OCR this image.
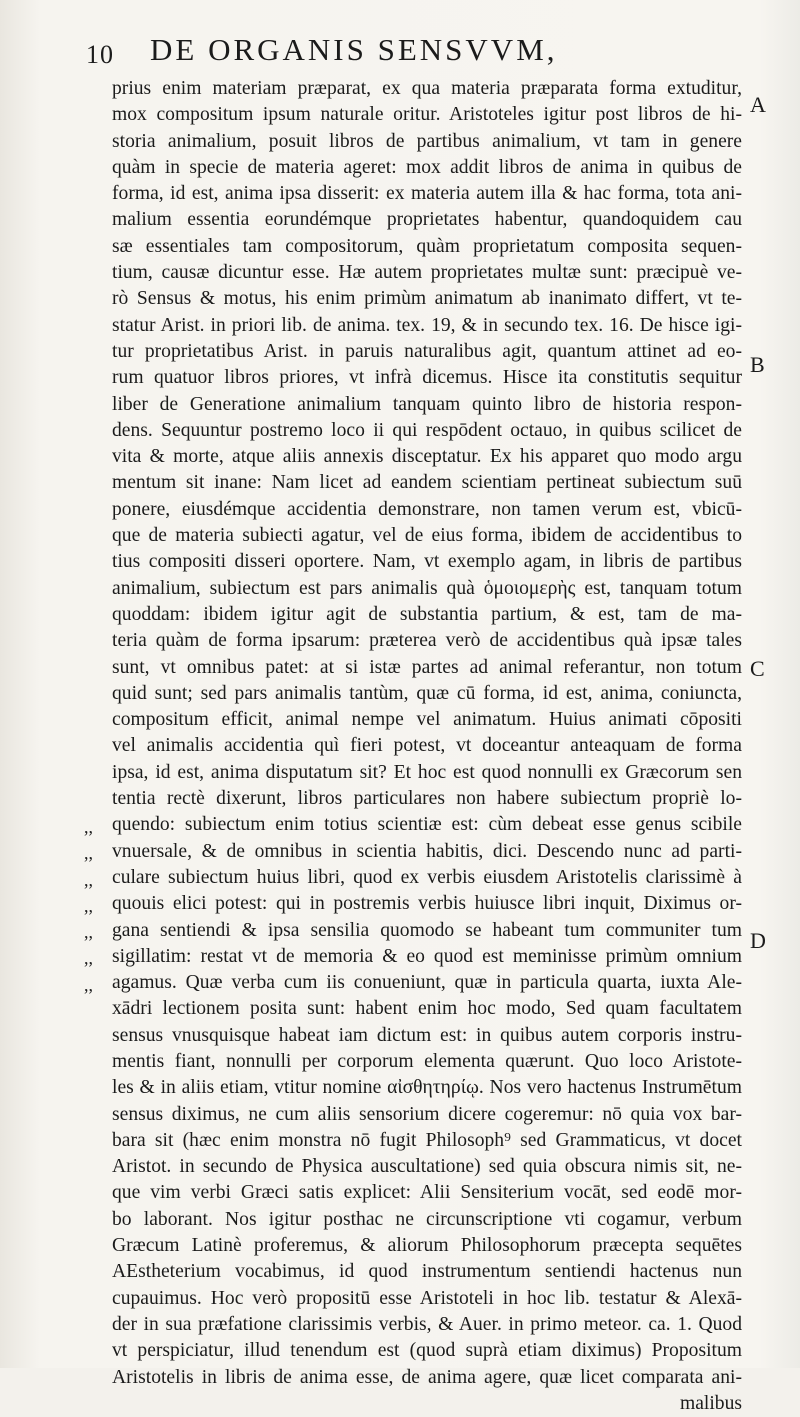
10 DE ORGANIS SENSVVM,
prius enim materiam præparat, ex qua materia præparata forma extuditur,
mox compositum ipsum naturale oritur. Aristoteles igitur post libros de hi-
storia animalium, posuit libros de partibus animalium, vt tam in genere
quàm in specie de materia ageret: mox addit libros de anima in quibus de
forma, id est, anima ipsa disserit: ex materia autem illa & hac forma, tota ani-
malium essentia eorundémque proprietates habentur, quandoquidem cau
sæ essentiales tam compositorum, quàm proprietatum composita sequen-
tium, causæ dicuntur esse. Hæ autem proprietates multæ sunt: præcipuè ve-
rò Sensus & motus, his enim primùm animatum ab inanimato differt, vt te-
statur Arist. in priori lib. de anima. tex. 19, & in secundo tex. 16. De hisce igi-
tur proprietatibus Arist. in paruis naturalibus agit, quantum attinet ad eo-
rum quatuor libros priores, vt infrà dicemus. Hisce ita constitutis sequitur
liber de Generatione animalium tanquam quinto libro de historia respon-
dens. Sequuntur postremo loco ii qui respōdent octauo, in quibus scilicet de
vita & morte, atque aliis annexis disceptatur. Ex his apparet quo modo argu
mentum sit inane: Nam licet ad eandem scientiam pertineat subiectum suū
ponere, eiusdémque accidentia demonstrare, non tamen verum est, vbicū-
que de materia subiecti agatur, vel de eius forma, ibidem de accidentibus to
tius compositi disseri oportere. Nam, vt exemplo agam, in libris de partibus
animalium, subiectum est pars animalis quà ὁμοιομερὴς est, tanquam totum
quoddam: ibidem igitur agit de substantia partium, & est, tam de ma-
teria quàm de forma ipsarum: præterea verò de accidentibus quà ipsæ tales
sunt, vt omnibus patet: at si istæ partes ad animal referantur, non totum
quid sunt; sed pars animalis tantùm, quæ cū forma, id est, anima, coniuncta,
compositum efficit, animal nempe vel animatum. Huius animati cōpositi
vel animalis accidentia quì fieri potest, vt doceantur anteaquam de forma
ipsa, id est, anima disputatum sit? Et hoc est quod nonnulli ex Græcorum sen
tentia rectè dixerunt, libros particulares non habere subiectum propriè lo-
quendo: subiectum enim totius scientiæ est: cùm debeat esse genus scibile
vnuersale, & de omnibus in scientia habitis, dici. Descendo nunc ad parti-
culare subiectum huius libri, quod ex verbis eiusdem Aristotelis clarissimè à
quouis elici potest: qui in postremis verbis huiusce libri inquit, Diximus or-
gana sentiendi & ipsa sensilia quomodo se habeant tum communiter tum
sigillatim: restat vt de memoria & eo quod est meminisse primùm omnium
agamus. Quæ verba cum iis conueniunt, quæ in particula quarta, iuxta Ale-
xādri lectionem posita sunt: habent enim hoc modo, Sed quam facultatem
sensus vnusquisque habeat iam dictum est: in quibus autem corporis instru-
mentis fiant, nonnulli per corporum elementa quærunt. Quo loco Aristote-
les & in aliis etiam, vtitur nomine αἰσθητηρίῳ. Nos vero hactenus Instrumētum
sensus diximus, ne cum aliis sensorium dicere cogeremur: nō quia vox bar-
bara sit (hæc enim monstra nō fugit Philosoph⁹ sed Grammaticus, vt docet
Aristot. in secundo de Physica auscultatione) sed quia obscura nimis sit, ne-
que vim verbi Græci satis explicet: Alii Sensiterium vocāt, sed eodē mor-
bo laborant. Nos igitur posthac ne circunscriptione vti cogamur, verbum
Græcum Latinè proferemus, & aliorum Philosophorum præcepta sequētes
AEstheterium vocabimus, id quod instrumentum sentiendi hactenus nun
cupauimus. Hoc verò propositū esse Aristoteli in hoc lib. testatur & Alexā-
der in sua præfatione clarissimis verbis, & Auer. in primo meteor. ca. 1. Quod
vt perspiciatur, illud tenendum est (quod suprà etiam diximus) Propositum
Aristotelis in libris de anima esse, de anima agere, quæ licet comparata ani-
malibus
A
B
C
D
,,
,,
,,
,,
,,
,,
,,
